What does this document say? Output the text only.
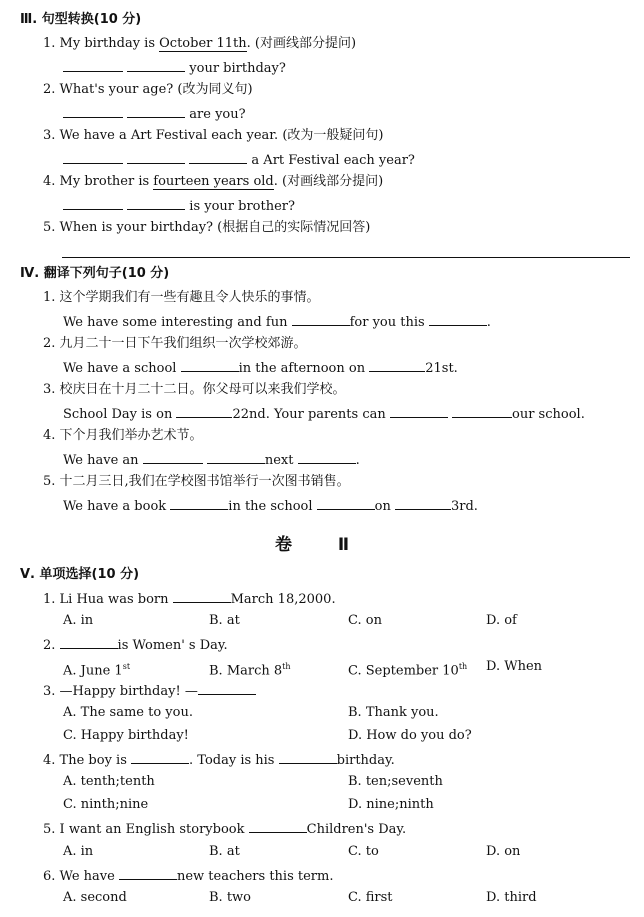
Ⅲ. 句型转换(10 分)
1. My birthday is October 11th. (对画线部分提问)
your birthday?
2. What's your age? (改为同义句)
are you?
3. We have a Art Festival each year. (改为一般疑问句)
a Art Festival each year?
4. My brother is fourteen years old. (对画线部分提问)
is your brother?
5. When is your birthday? (根据自己的实际情况回答)
Ⅳ. 翻译下列句子(10 分)
1. 这个学期我们有一些有趣且令人快乐的事情。
We have some interesting and fun	for you this	.
2. 九月二十一日下午我们组织一次学校郊游。
We have a school	in the afternoon on	21st.
3. 校庆日在十月二十二日。你父母可以来我们学校。
School Day is on	22nd. Your parents can	our school.
4. 下个月我们举办艺术节。
We have an	next	.
5. 十二月三日,我们在学校图书馆举行一次图书销售。
We have a book	in the school	on	3rd.
卷 Ⅱ
Ⅴ. 单项选择(10 分)
1. Li Hua was born	March 18,2000.
A. in	B. at	C. on	D. of
2.	is Women' s Day.
A. June 1st	B. March 8th	C. September 10th D. When
3. —Happy birthday! —
A. The same to you.	B. Thank you.
C. Happy birthday!	D. How do you do?
4. The boy is	. Today is his	birthday.
A. tenth;tenth	B. ten;seventh
C. ninth;nine	D. nine;ninth
5. I want an English storybook	Children's Day.
A. in	B. at	C. to	D. on
6. We have	new teachers this term.
A. second	B. two	C. first	D. third
